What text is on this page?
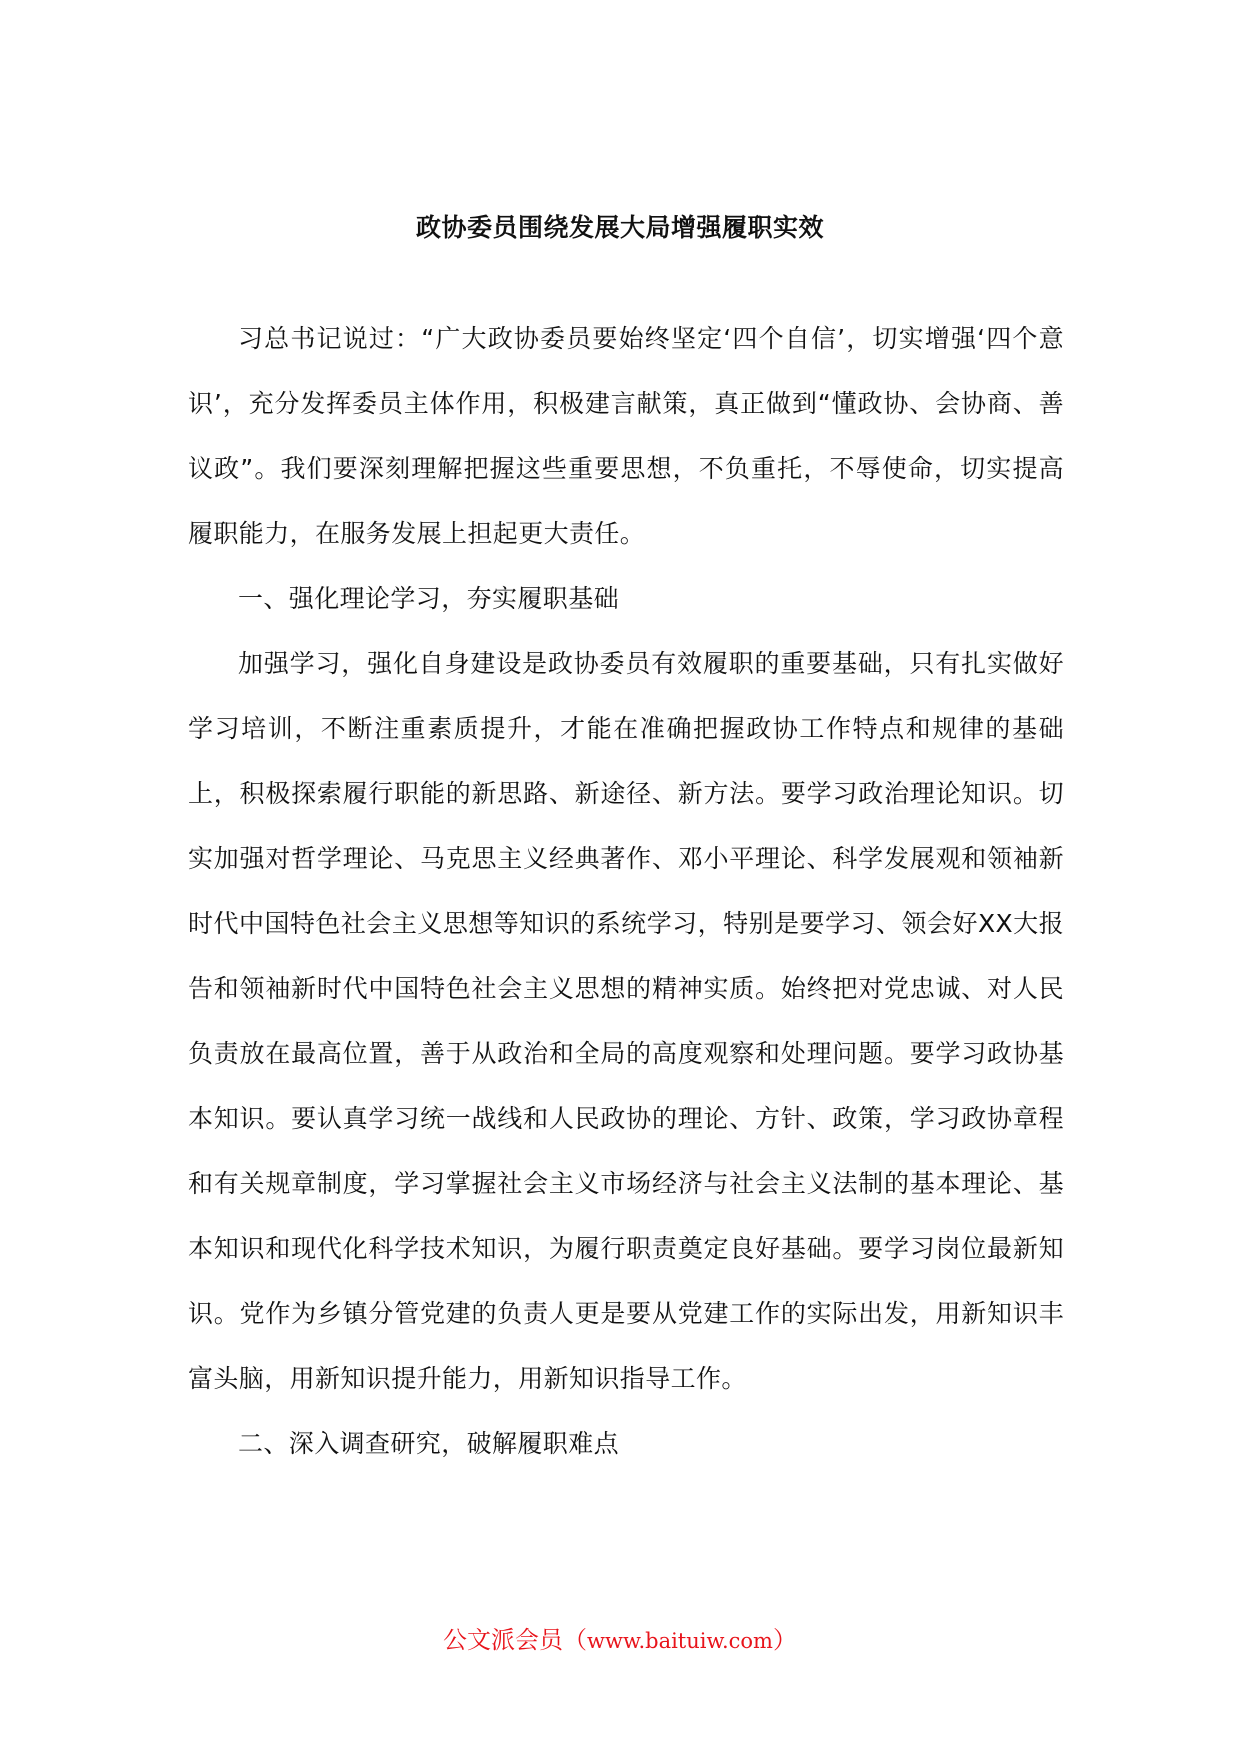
政协委员围绕发展大局增强履职实效

习总书记说过：“广大政协委员要始终坚定‘四个自信’，切实增强‘四个意识’，充分发挥委员主体作用，积极建言献策，真正做到“懂政协、会协商、善议政”。我们要深刻理解把握这些重要思想，不负重托，不辱使命，切实提高履职能力，在服务发展上担起更大责任。

一、强化理论学习，夯实履职基础

加强学习，强化自身建设是政协委员有效履职的重要基础，只有扎实做好学习培训，不断注重素质提升，才能在准确把握政协工作特点和规律的基础上，积极探索履行职能的新思路、新途径、新方法。要学习政治理论知识。切实加强对哲学理论、马克思主义经典著作、邓小平理论、科学发展观和领袖新时代中国特色社会主义思想等知识的系统学习，特别是要学习、领会好XX大报告和领袖新时代中国特色社会主义思想的精神实质。始终把对党忠诚、对人民负责放在最高位置，善于从政治和全局的高度观察和处理问题。要学习政协基本知识。要认真学习统一战线和人民政协的理论、方针、政策，学习政协章程和有关规章制度，学习掌握社会主义市场经济与社会主义法制的基本理论、基本知识和现代化科学技术知识，为履行职责奠定良好基础。要学习岗位最新知识。党作为乡镇分管党建的负责人更是要从党建工作的实际出发，用新知识丰富头脑，用新知识提升能力，用新知识指导工作。

二、深入调查研究，破解履职难点

公文派会员（www.baituiw.com）
